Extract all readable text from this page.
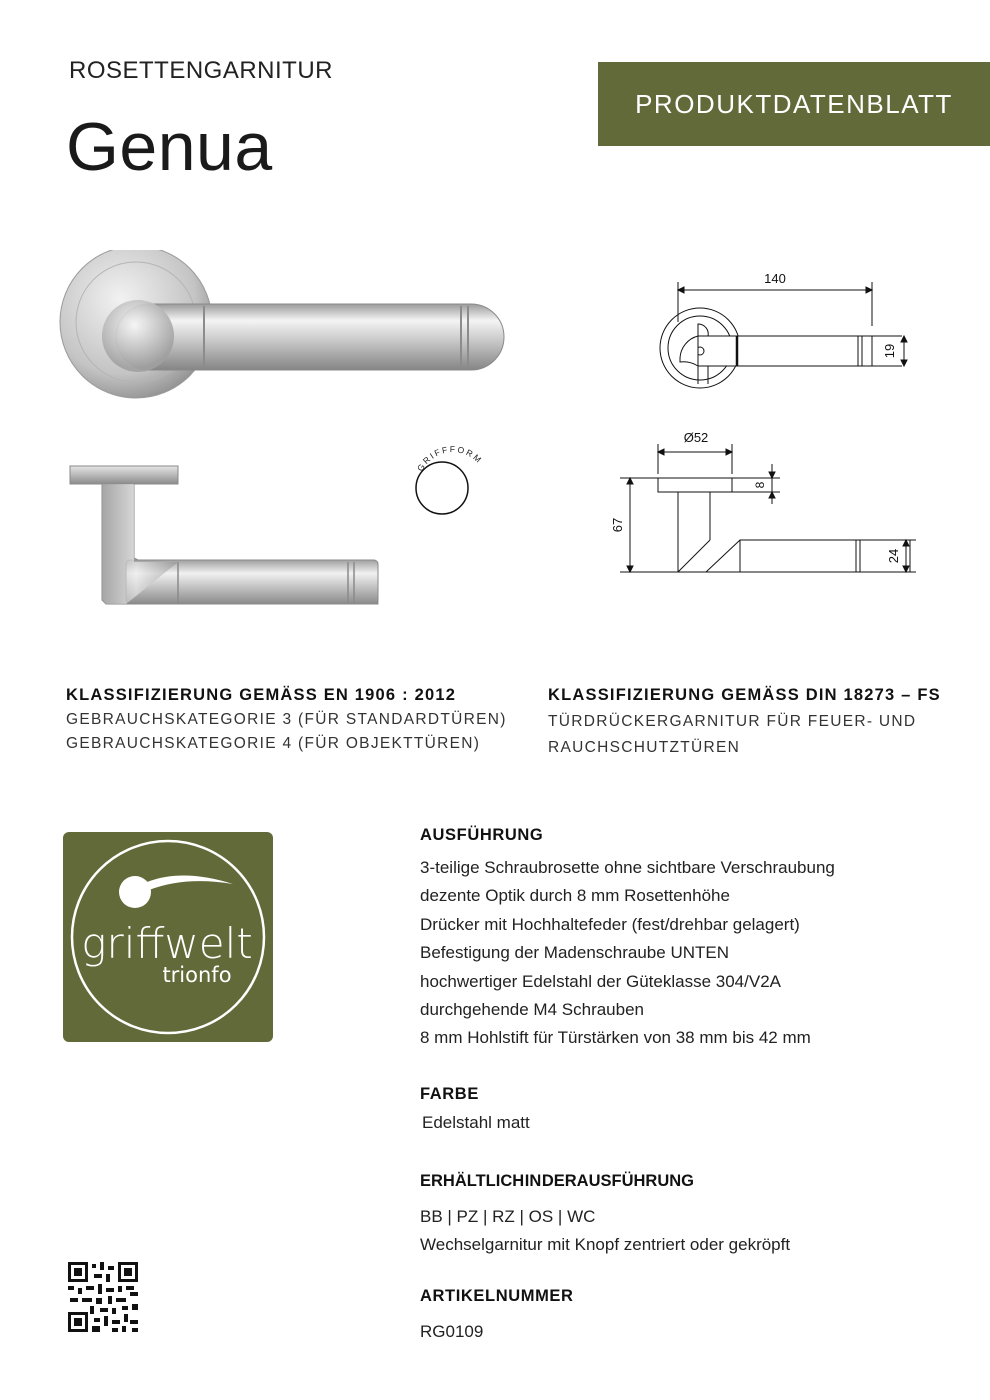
ROSETTENGARNITUR
Genua
PRODUKTDATENBLATT
GRIFFFORM
140
19
Ø52
8
67
24
KLASSIFIZIERUNG GEMÄSS EN 1906 : 2012
GEBRAUCHSKATEGORIE 3 (FÜR STANDARDTÜREN)
GEBRAUCHSKATEGORIE 4 (FÜR OBJEKTTÜREN)
KLASSIFIZIERUNG GEMÄSS DIN 18273 – FS
TÜRDRÜCKERGARNITUR FÜR FEUER- UND
RAUCHSCHUTZTÜREN
griffwelt
trionfo
AUSFÜHRUNG
3-teilige Schraubrosette ohne sichtbare Verschraubung
dezente Optik durch 8 mm Rosettenhöhe
Drücker mit Hochhaltefeder (fest/drehbar gelagert)
Befestigung der Madenschraube UNTEN
hochwertiger Edelstahl der Güteklasse 304/V2A
durchgehende M4 Schrauben
8 mm Hohlstift für Türstärken von 38 mm bis 42 mm
FARBE
Edelstahl matt
ERHÄLTLICH IN DER AUSFÜHRUNG
BB | PZ | RZ | OS | WC
Wechselgarnitur mit Knopf zentriert oder gekröpft
ARTIKELNUMMER
RG0109
